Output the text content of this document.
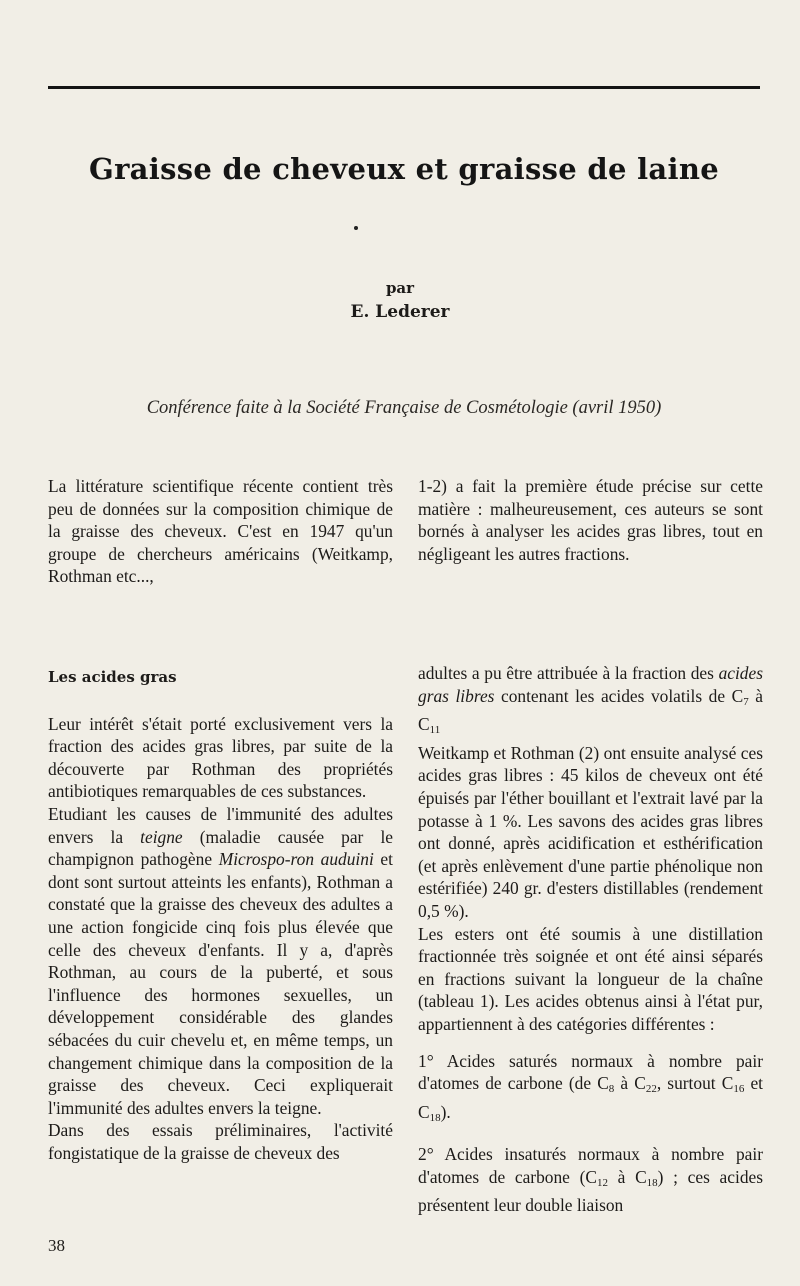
Graisse de cheveux et graisse de laine
par
E. Lederer
Conférence faite à la Société Française de Cosmétologie (avril 1950)

La littérature scientifique récente contient très peu de données sur la composition chimique de la graisse des cheveux. C'est en 1947 qu'un groupe de chercheurs américains (Weitkamp, Rothman etc...,

1-2) a fait la première étude précise sur cette matière : malheureusement, ces auteurs se sont bornés à analyser les acides gras libres, tout en négligeant les autres fractions.

Les acides gras

Leur intérêt s'était porté exclusivement vers la fraction des acides gras libres, par suite de la découverte par Rothman des propriétés antibiotiques remarquables de ces substances.

Etudiant les causes de l'immunité des adultes envers la teigne (maladie causée par le champignon pathogène Microspo-ron auduini et dont sont surtout atteints les enfants), Rothman a constaté que la graisse des cheveux des adultes a une action fongicide cinq fois plus élevée que celle des cheveux d'enfants. Il y a, d'après Rothman, au cours de la puberté, et sous l'influence des hormones sexuelles, un développement considérable des glandes sébacées du cuir chevelu et, en même temps, un changement chimique dans la composition de la graisse des cheveux. Ceci expliquerait l'immunité des adultes envers la teigne.

Dans des essais préliminaires, l'activité fongistatique de la graisse de cheveux des

adultes a pu être attribuée à la fraction des acides gras libres contenant les acides volatils de $C_7$ à $C_{11}$

Weitkamp et Rothman (2) ont ensuite analysé ces acides gras libres : 45 kilos de cheveux ont été épuisés par l'éther bouillant et l'extrait lavé par la potasse à 1 %. Les savons des acides gras libres ont donné, après acidification et esthérification (et après enlèvement d'une partie phénolique non estérifiée) 240 gr. d'esters distillables (rendement 0,5 %).

Les esters ont été soumis à une distillation fractionnée très soignée et ont été ainsi séparés en fractions suivant la longueur de la chaîne (tableau 1). Les acides obtenus ainsi à l'état pur, appartiennent à des catégories différentes :

1° Acides saturés normaux à nombre pair d'atomes de carbone (de $C_8$ à $C_{22}$, surtout $C_{16}$ et $C_{18}$).

2° Acides insaturés normaux à nombre pair d'atomes de carbone ($C_{12}$ à $C_{18}$) ; ces acides présentent leur double liaison

38
